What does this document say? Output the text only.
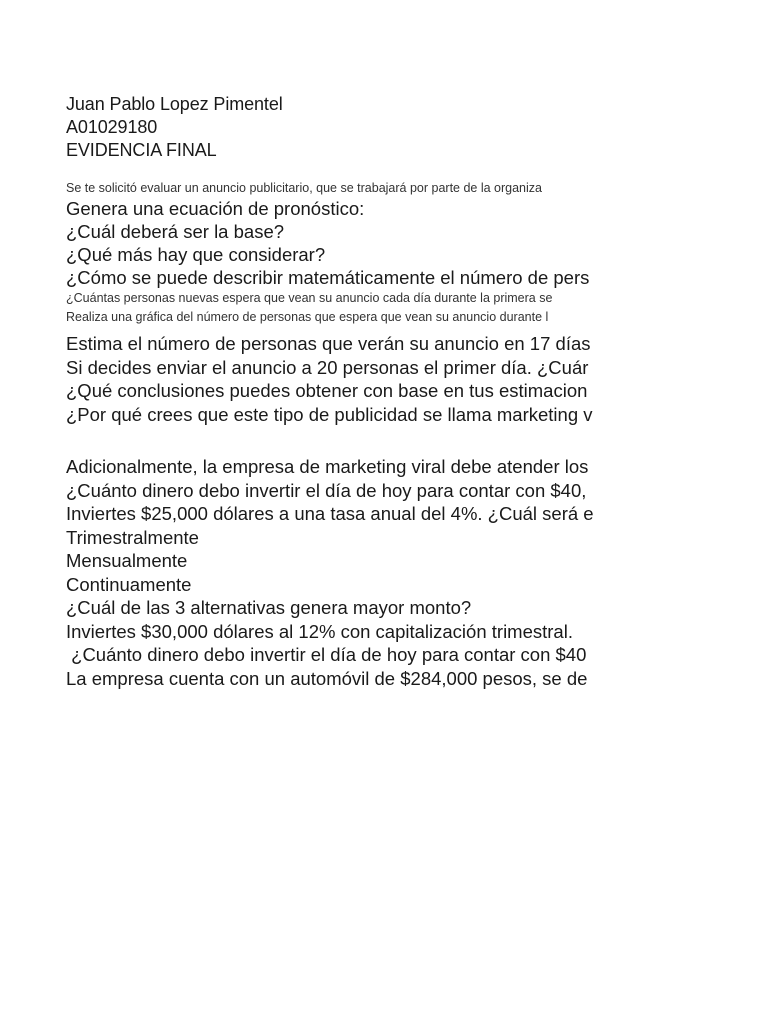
Juan Pablo Lopez Pimentel
A01029180
EVIDENCIA FINAL
Se te solicitó evaluar un anuncio publicitario, que se trabajará por parte de la organiza
Genera una ecuación de pronóstico:
¿Cuál deberá ser la base?
¿Qué más hay que considerar?
¿Cómo se puede describir matemáticamente el número de pers
¿Cuántas personas nuevas espera que vean su anuncio cada día durante la primera se
Realiza una gráfica del número de personas que espera que vean su anuncio durante l
Estima el número de personas que verán su anuncio en 17 días
Si decides enviar el anuncio a 20 personas el primer día. ¿Cuár
¿Qué conclusiones puedes obtener con base en tus estimacion
¿Por qué crees que este tipo de publicidad se llama marketing v
Adicionalmente, la empresa de marketing viral debe atender los
¿Cuánto dinero debo invertir el día de hoy para contar con $40,
Inviertes $25,000 dólares a una tasa anual del 4%. ¿Cuál será e
Trimestralmente
Mensualmente
Continuamente
¿Cuál de las 3 alternativas genera mayor monto?
Inviertes $30,000 dólares al 12% con capitalización trimestral.
¿Cuánto dinero debo invertir el día de hoy para contar con $40
La empresa cuenta con un automóvil de $284,000 pesos, se de
